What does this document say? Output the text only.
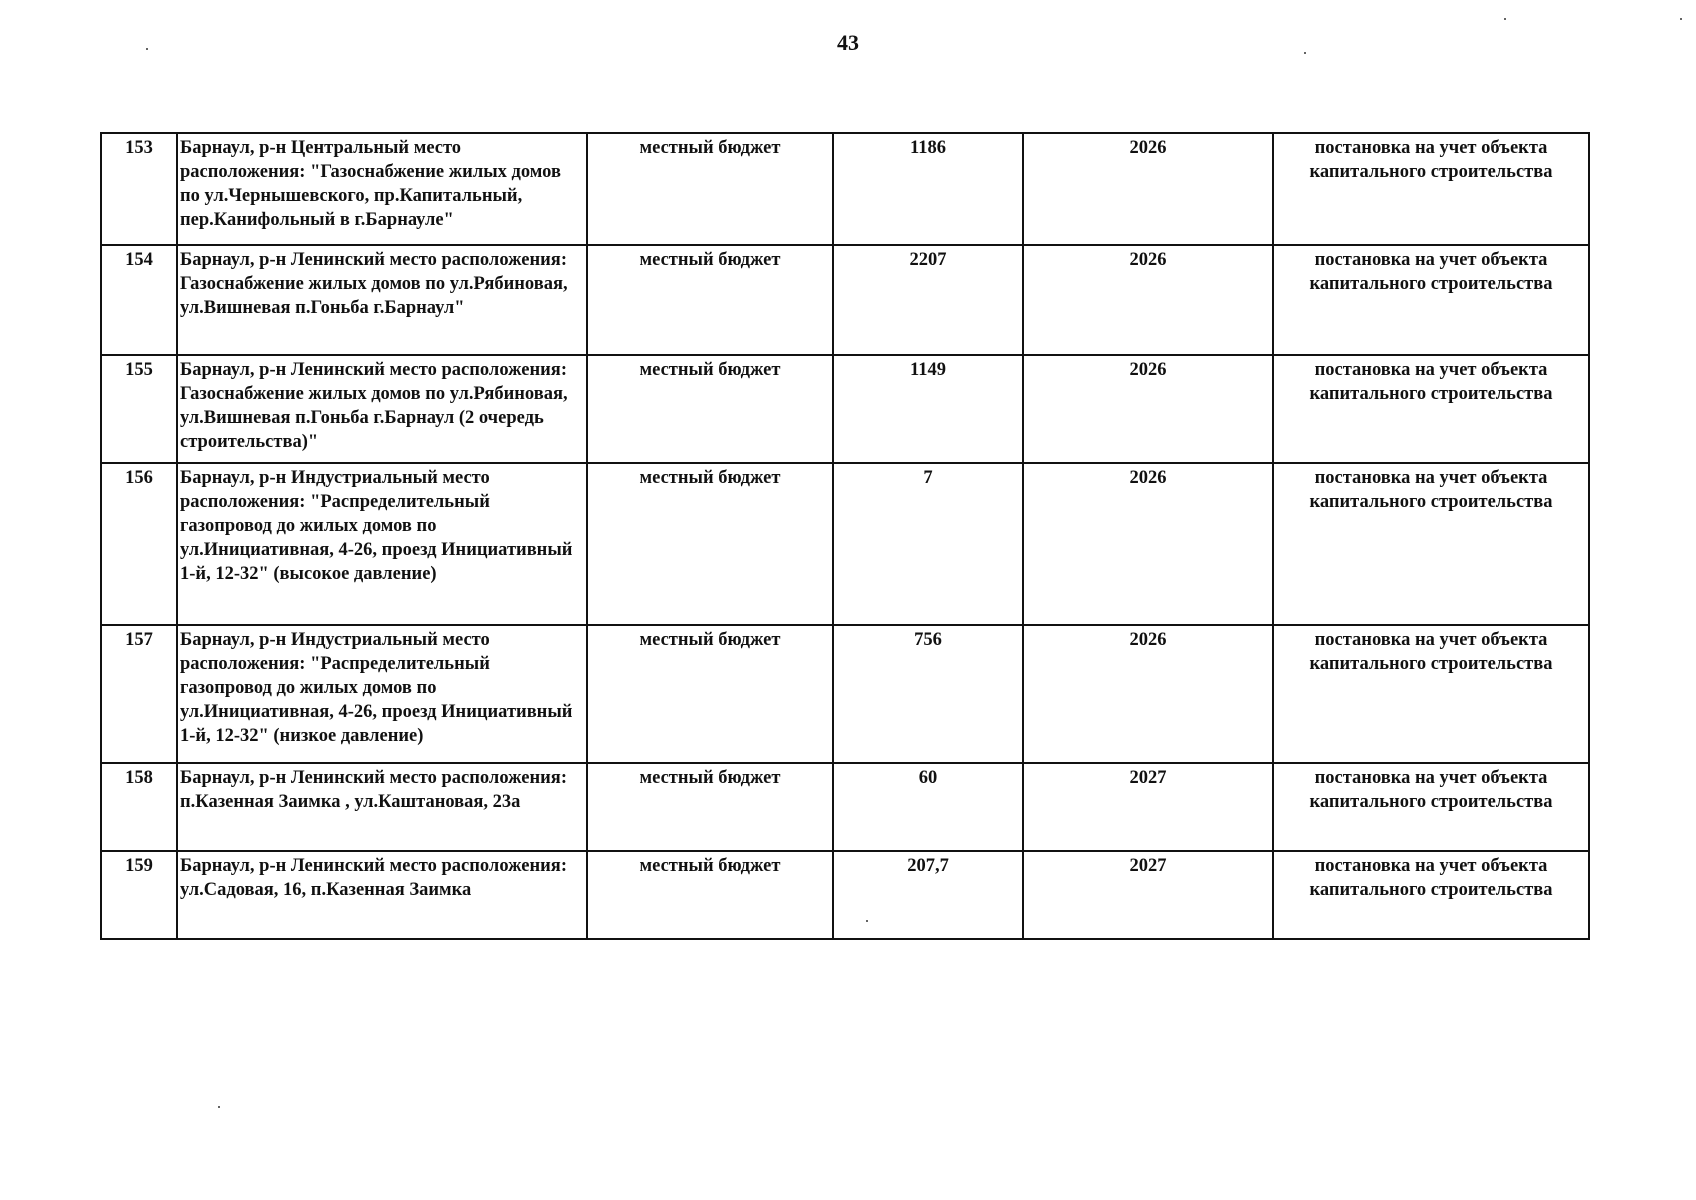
43
153	Барнаул, р-н Центральный место расположения: "Газоснабжение жилых домов по ул.Чернышевского, пр.Капитальный, пер.Канифольный в г.Барнауле"	местный бюджет	1186	2026	постановка на учет объекта капитального строительства
154	Барнаул, р-н Ленинский место расположения: Газоснабжение жилых домов по ул.Рябиновая, ул.Вишневая п.Гоньба г.Барнаул"	местный бюджет	2207	2026	постановка на учет объекта капитального строительства
155	Барнаул, р-н Ленинский место расположения: Газоснабжение жилых домов по ул.Рябиновая, ул.Вишневая п.Гоньба г.Барнаул (2 очередь строительства)"	местный бюджет	1149	2026	постановка на учет объекта капитального строительства
156	Барнаул, р-н Индустриальный место расположения: "Распределительный газопровод до жилых домов по ул.Инициативная, 4-26, проезд Инициативный 1-й, 12-32" (высокое давление)	местный бюджет	7	2026	постановка на учет объекта капитального строительства
157	Барнаул, р-н Индустриальный место расположения: "Распределительный газопровод до жилых домов по ул.Инициативная, 4-26, проезд Инициативный 1-й, 12-32" (низкое давление)	местный бюджет	756	2026	постановка на учет объекта капитального строительства
158	Барнаул, р-н Ленинский место расположения: п.Казенная Заимка , ул.Каштановая, 23а	местный бюджет	60	2027	постановка на учет объекта капитального строительства
159	Барнаул, р-н Ленинский место расположения: ул.Садовая, 16, п.Казенная Заимка	местный бюджет	207,7	2027	постановка на учет объекта капитального строительства
